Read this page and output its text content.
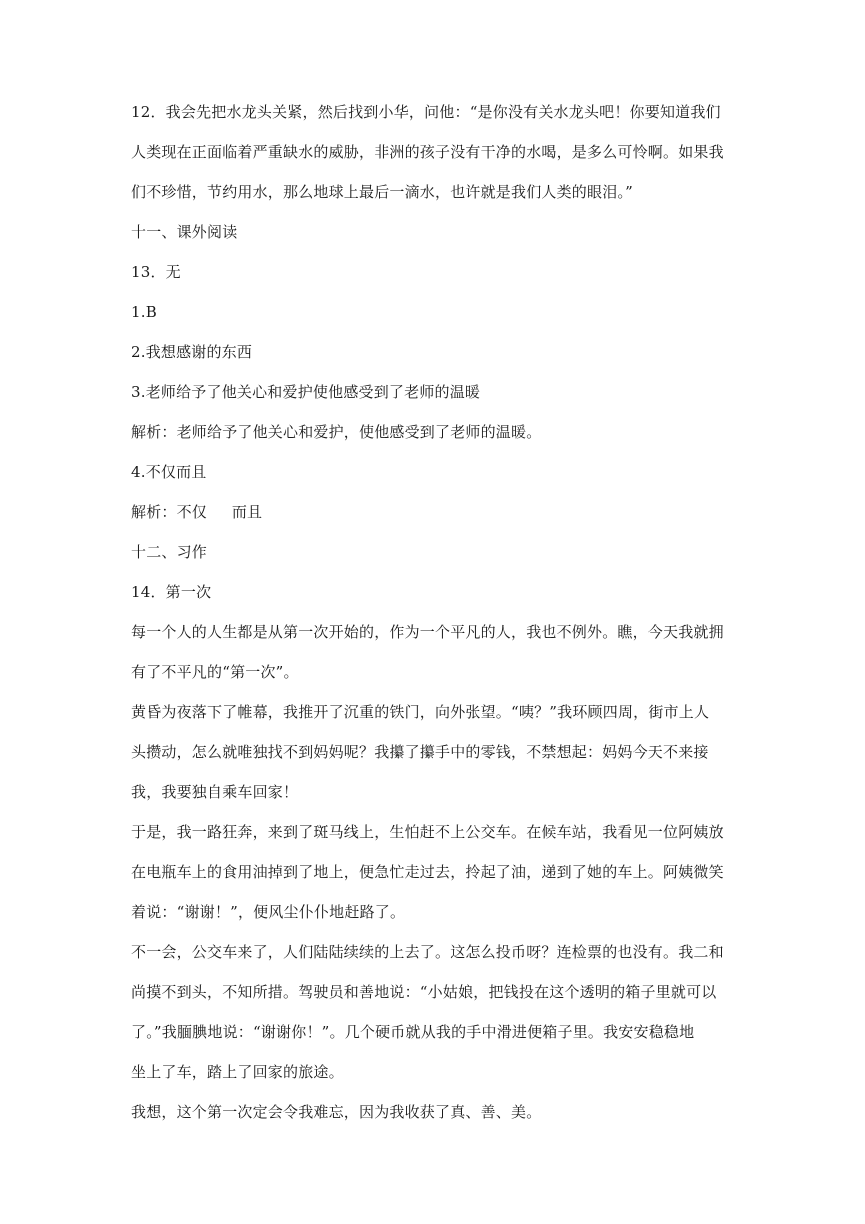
12．我会先把水龙头关紧，然后找到小华，问他：“是你没有关水龙头吧！你要知道我们
人类现在正面临着严重缺水的威胁，非洲的孩子没有干净的水喝，是多么可怜啊。如果我
们不珍惜，节约用水，那么地球上最后一滴水，也许就是我们人类的眼泪。”
十一、课外阅读
13．无
1.B
2.我想感谢的东西
3.老师给予了他关心和爱护使他感受到了老师的温暖
解析：老师给予了他关心和爱护，使他感受到了老师的温暖。
4.不仅而且
解析：不仅     而且
十二、习作
14．第一次
每一个人的人生都是从第一次开始的，作为一个平凡的人，我也不例外。瞧，今天我就拥
有了不平凡的“第一次”。
黄昏为夜落下了帷幕，我推开了沉重的铁门，向外张望。“咦？”我环顾四周，街市上人
头攒动，怎么就唯独找不到妈妈呢？我攥了攥手中的零钱，不禁想起：妈妈今天不来接
我，我要独自乘车回家！
于是，我一路狂奔，来到了斑马线上，生怕赶不上公交车。在候车站，我看见一位阿姨放
在电瓶车上的食用油掉到了地上，便急忙走过去，拎起了油，递到了她的车上。阿姨微笑
着说：“谢谢！”，便风尘仆仆地赶路了。
不一会，公交车来了，人们陆陆续续的上去了。这怎么投币呀？连检票的也没有。我二和
尚摸不到头，不知所措。驾驶员和善地说：“小姑娘，把钱投在这个透明的箱子里就可以
了。”我腼腆地说：“谢谢你！”。几个硬币就从我的手中滑进便箱子里。我安安稳稳地
坐上了车，踏上了回家的旅途。
我想，这个第一次定会令我难忘，因为我收获了真、善、美。
